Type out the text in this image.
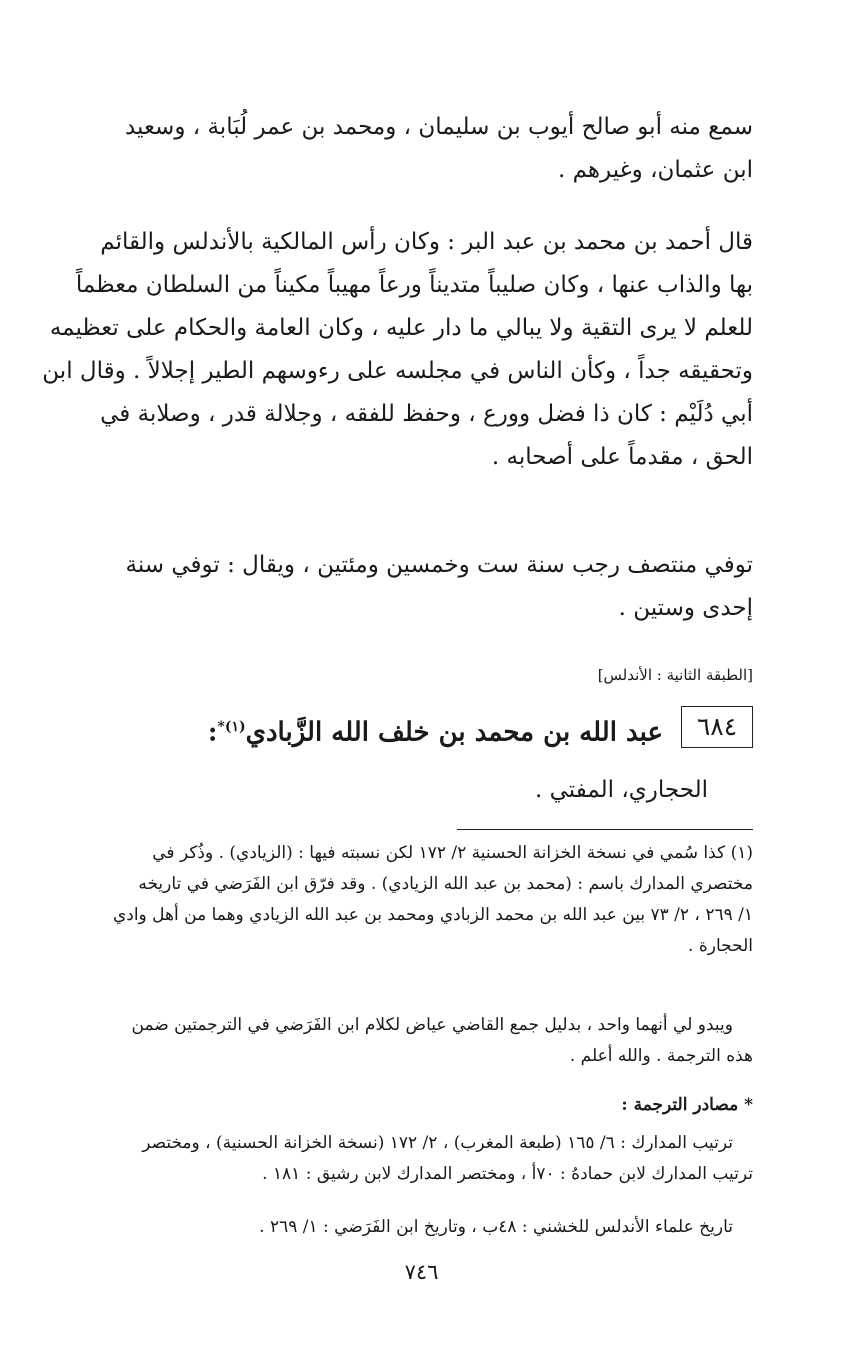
سمع منه أبو صالح أيوب بن سليمان ، ومحمد بن عمر لُبَابة ، وسعيد
ابن عثمان، وغيرهم .
قال أحمد بن محمد بن عبد البر : وكان رأس المالكية بالأندلس والقائم
بها والذاب عنها ، وكان صليباً متديناً ورعاً مهيباً مكيناً من السلطان معظماً
للعلم لا يرى التقية ولا يبالي ما دار عليه ، وكان العامة والحكام على تعظيمه
وتحقيقه جداً ، وكأن الناس في مجلسه على رءوسهم الطير إجلالاً . وقال ابن
أبي دُلَيْم : كان ذا فضل وورع ، وحفظ للفقه ، وجلالة قدر ، وصلابة في
الحق ، مقدماً على أصحابه .
توفي منتصف رجب سنة ست وخمسين ومئتين ، ويقال : توفي سنة
إحدى وستين .
[الطبقة الثانية : الأندلس]
٦٨٤
عبد الله بن محمد بن خلف الله الزَّبادي$^{(١)*}$:
الحجاري، المفتي .
(١) كذا سُمي في نسخة الخزانة الحسنية ٢/ ١٧٢ لكن نسبته فيها : (الزيادي) . وذُكر في
مختصري المدارك باسم : (محمد بن عبد الله الزيادي) . وقد فرّق ابن الفَرَضي في تاريخه
١/ ٢٦٩ ، ٢/ ٧٣ بين عبد الله بن محمد الزبادي ومحمد بن عبد الله الزيادي وهما من أهل وادي
الحجارة .
ويبدو لي أنهما واحد ، بدليل جمع القاضي عياض لكلام ابن الفَرَضي في الترجمتين ضمن
هذه الترجمة . والله أعلم .
* مصادر الترجمة :
ترتيب المدارك : ٦/ ١٦٥ (طبعة المغرب) ، ٢/ ١٧٢ (نسخة الخزانة الحسنية) ، ومختصر
ترتيب المدارك لابن حمادهُ : ٧٠أ ، ومختصر المدارك لابن رشيق : ١٨١ .
تاريخ علماء الأندلس للخشني : ٤٨ب ، وتاريخ ابن الفَرَضي : ١/ ٢٦٩ .
٧٤٦
